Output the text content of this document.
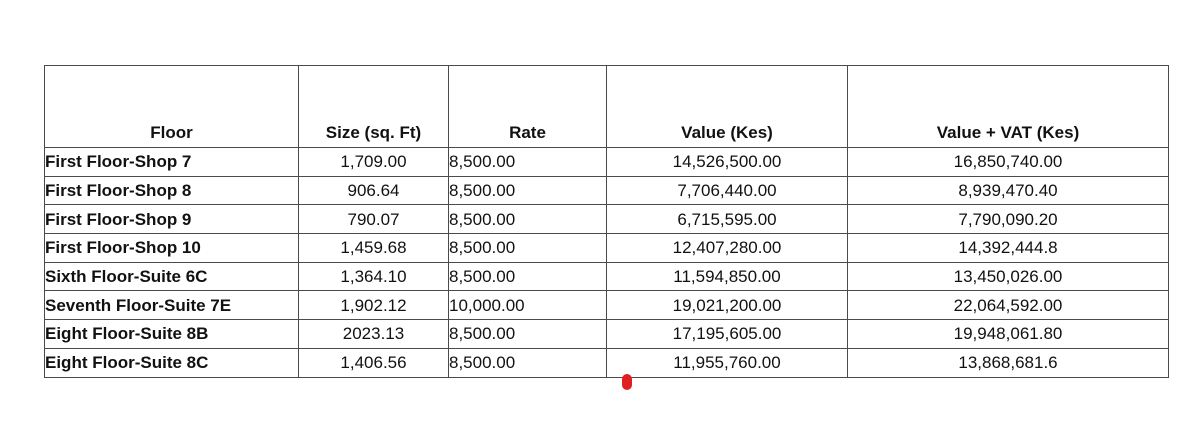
Floor	Size (sq. Ft)	Rate	Value (Kes)	Value + VAT (Kes)
First Floor-Shop 7	1,709.00	8,500.00	14,526,500.00	16,850,740.00
First Floor-Shop 8	906.64	8,500.00	7,706,440.00	8,939,470.40
First Floor-Shop 9	790.07	8,500.00	6,715,595.00	7,790,090.20
First Floor-Shop 10	1,459.68	8,500.00	12,407,280.00	14,392,444.8
Sixth Floor-Suite 6C	1,364.10	8,500.00	11,594,850.00	13,450,026.00
Seventh Floor-Suite 7E	1,902.12	10,000.00	19,021,200.00	22,064,592.00
Eight Floor-Suite 8B	2023.13	8,500.00	17,195,605.00	19,948,061.80
Eight Floor-Suite 8C	1,406.56	8,500.00	11,955,760.00	13,868,681.6
